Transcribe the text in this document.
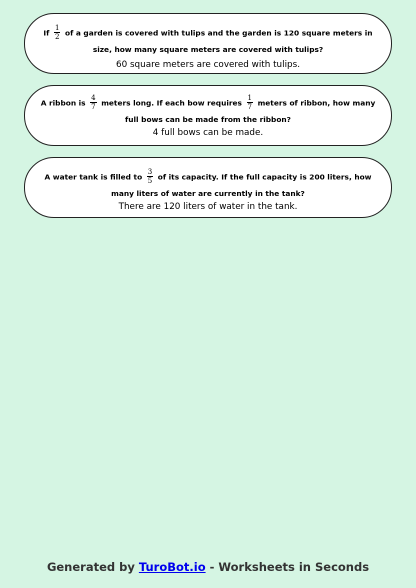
If $\frac{1}{2}$ of a garden is covered with tulips and the garden is 120 square meters in size, how many square meters are covered with tulips?

60 square meters are covered with tulips.

A ribbon is $\frac{4}{7}$ meters long. If each bow requires $\frac{1}{7}$ meters of ribbon, how many full bows can be made from the ribbon?

4 full bows can be made.

A water tank is filled to $\frac{3}{5}$ of its capacity. If the full capacity is 200 liters, how many liters of water are currently in the tank?

There are 120 liters of water in the tank.

Generated by TuroBot.io - Worksheets in Seconds
